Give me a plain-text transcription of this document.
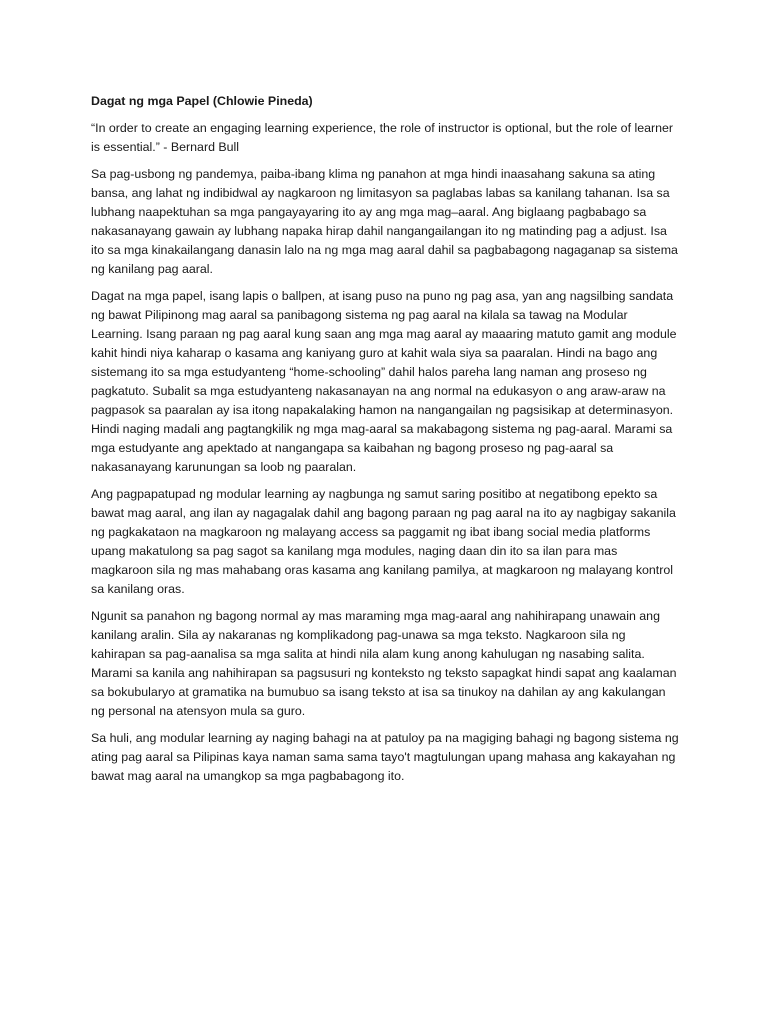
Dagat ng mga Papel (Chlowie Pineda)

“In order to create an engaging learning experience, the role of instructor is optional, but the role of learner is essential.” - Bernard Bull

Sa pag-usbong ng pandemya, paiba-ibang klima ng panahon at mga hindi inaasahang sakuna sa ating bansa, ang lahat ng indibidwal ay nagkaroon ng limitasyon sa paglabas labas sa kanilang tahanan. Isa sa lubhang naapektuhan sa mga pangayayaring ito ay ang mga mag–aaral. Ang biglaang pagbabago sa nakasanayang gawain ay lubhang napaka hirap dahil nangangailangan ito ng matinding pag a adjust. Isa ito sa mga kinakailangang danasin lalo na ng mga mag aaral dahil sa pagbabagong nagaganap sa sistema ng kanilang pag aaral.

Dagat na mga papel, isang lapis o ballpen, at isang puso na puno ng pag asa, yan ang nagsilbing sandata ng bawat Pilipinong mag aaral sa panibagong sistema ng pag aaral na kilala sa tawag na Modular Learning. Isang paraan ng pag aaral kung saan ang mga mag aaral ay maaaring matuto gamit ang module kahit hindi niya kaharap o kasama ang kaniyang guro at kahit wala siya sa paaralan. Hindi na bago ang sistemang ito sa mga estudyanteng “home-schooling” dahil halos pareha lang naman ang proseso ng pagkatuto. Subalit sa mga estudyanteng nakasanayan na ang normal na edukasyon o ang araw-araw na pagpasok sa paaralan ay isa itong napakalaking hamon na nangangailan ng pagsisikap at determinasyon. Hindi naging madali ang pagtangkilik ng mga mag-aaral sa makabagong sistema ng pag-aaral. Marami sa mga estudyante ang apektado at nangangapa sa kaibahan ng bagong proseso ng pag-aaral sa nakasanayang karunungan sa loob ng paaralan.

Ang pagpapatupad ng modular learning ay nagbunga ng samut saring positibo at negatibong epekto sa bawat mag aaral, ang ilan ay nagagalak dahil ang bagong paraan ng pag aaral na ito ay nagbigay sakanila ng pagkakataon na magkaroon ng malayang access sa paggamit ng ibat ibang social media platforms upang makatulong sa pag sagot sa kanilang mga modules, naging daan din ito sa ilan para mas magkaroon sila ng mas mahabang oras kasama ang kanilang pamilya, at magkaroon ng malayang kontrol sa kanilang oras.

Ngunit sa panahon ng bagong normal ay mas maraming mga mag-aaral ang nahihirapang unawain ang kanilang aralin. Sila ay nakaranas ng komplikadong pag-unawa sa mga teksto. Nagkaroon sila ng kahirapan sa pag-aanalisa sa mga salita at hindi nila alam kung anong kahulugan ng nasabing salita. Marami sa kanila ang nahihirapan sa pagsusuri ng konteksto ng teksto sapagkat hindi sapat ang kaalaman sa bokubularyo at gramatika na bumubuo sa isang teksto at isa sa tinukoy na dahilan ay ang kakulangan ng personal na atensyon mula sa guro.

Sa huli, ang modular learning ay naging bahagi na at patuloy pa na magiging bahagi ng bagong sistema ng ating pag aaral sa Pilipinas kaya naman sama sama tayo't magtulungan upang mahasa ang kakayahan ng bawat mag aaral na umangkop sa mga pagbabagong ito.
